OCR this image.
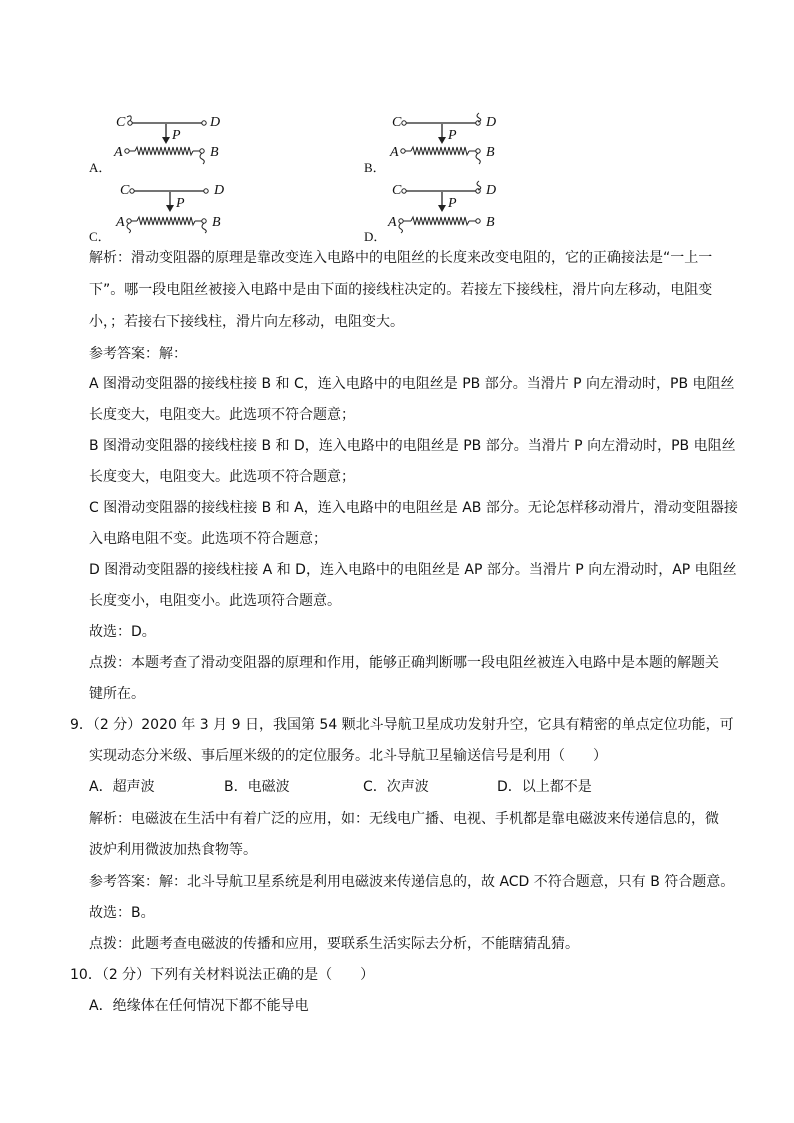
C	D
P
A	B
A．
C	D
P
A	B
B．
C	D
P
A	B
C．
C	D
P
A	B
D．
解析：滑动变阻器的原理是靠改变连入电路中的电阻丝的长度来改变电阻的，它的正确接法是“一上一
下”。哪一段电阻丝被接入电路中是由下面的接线柱决定的。若接左下接线柱，滑片向左移动，电阻变
小，；若接右下接线柱，滑片向左移动，电阻变大。
参考答案：解：
A 图滑动变阻器的接线柱接 B 和 C，连入电路中的电阻丝是 PB 部分。当滑片 P 向左滑动时，PB 电阻丝
长度变大，电阻变大。此选项不符合题意；
B 图滑动变阻器的接线柱接 B 和 D，连入电路中的电阻丝是 PB 部分。当滑片 P 向左滑动时，PB 电阻丝
长度变大，电阻变大。此选项不符合题意；
C 图滑动变阻器的接线柱接 B 和 A，连入电路中的电阻丝是 AB 部分。无论怎样移动滑片，滑动变阻器接
入电路电阻不变。此选项不符合题意；
D 图滑动变阻器的接线柱接 A 和 D，连入电路中的电阻丝是 AP 部分。当滑片 P 向左滑动时，AP 电阻丝
长度变小，电阻变小。此选项符合题意。
故选：D。
点拨：本题考查了滑动变阻器的原理和作用，能够正确判断哪一段电阻丝被连入电路中是本题的解题关
键所在。
9．（2 分）2020 年 3 月 9 日，我国第 54 颗北斗导航卫星成功发射升空，它具有精密的单点定位功能，可
实现动态分米级、事后厘米级的的定位服务。北斗导航卫星输送信号是利用（　　）
A．超声波	B．电磁波	C．次声波	D．以上都不是
解析：电磁波在生活中有着广泛的应用，如：无线电广播、电视、手机都是靠电磁波来传递信息的，微
波炉利用微波加热食物等。
参考答案：解：北斗导航卫星系统是利用电磁波来传递信息的，故 ACD 不符合题意，只有 B 符合题意。
故选：B。
点拨：此题考查电磁波的传播和应用，要联系生活实际去分析，不能瞎猜乱猜。
10．（2 分）下列有关材料说法正确的是（　　）
A．绝缘体在任何情况下都不能导电
